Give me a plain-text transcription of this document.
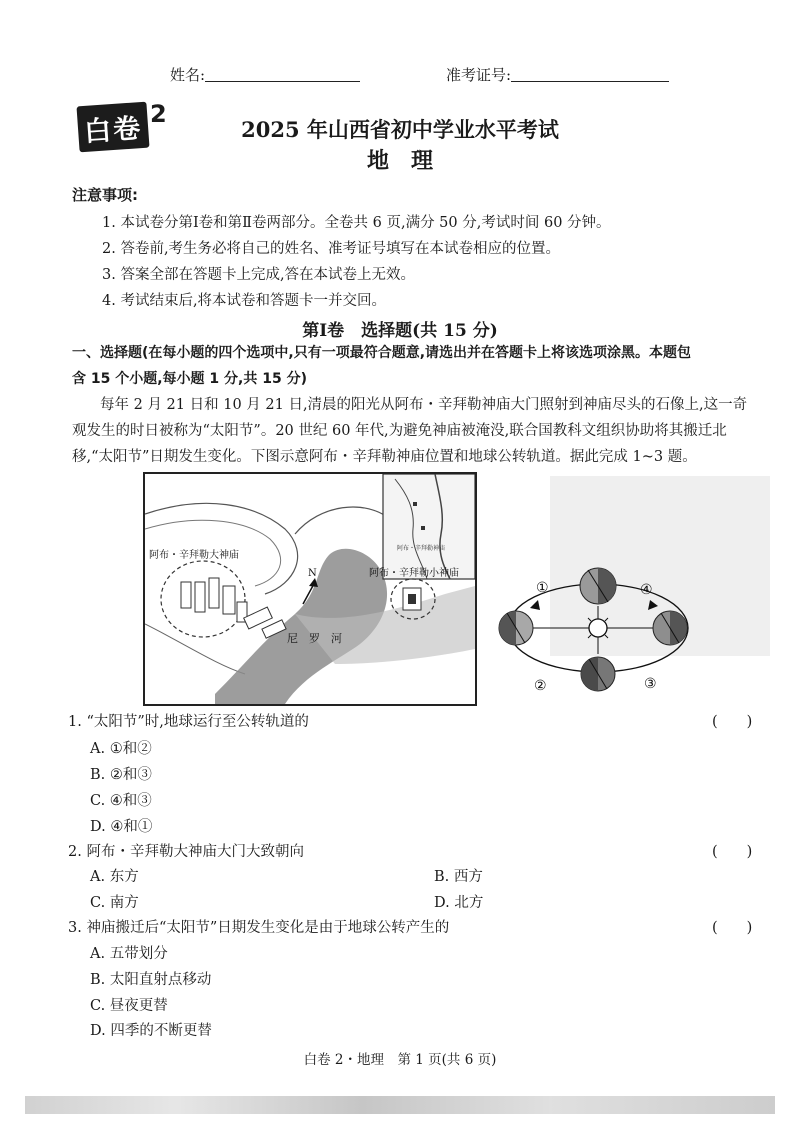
姓名:	准考证号:
白卷 2
2025 年山西省初中学业水平考试
地　理
注意事项:
1. 本试卷分第Ⅰ卷和第Ⅱ卷两部分。全卷共 6 页,满分 50 分,考试时间 60 分钟。
2. 答卷前,考生务必将自己的姓名、准考证号填写在本试卷相应的位置。
3. 答案全部在答题卡上完成,答在本试卷上无效。
4. 考试结束后,将本试卷和答题卡一并交回。
第Ⅰ卷　选择题(共 15 分)
一、选择题(在每小题的四个选项中,只有一项最符合题意,请选出并在答题卡上将该选项涂黑。本题包
含 15 个小题,每小题 1 分,共 15 分)
每年 2 月 21 日和 10 月 21 日,清晨的阳光从阿布・辛拜勒神庙大门照射到神庙尽头的石像上,这一奇
观发生的时日被称为“太阳节”。20 世纪 60 年代,为避免神庙被淹没,联合国教科文组织协助将其搬迁北
移,“太阳节”日期发生变化。下图示意阿布・辛拜勒神庙位置和地球公转轨道。据此完成 1~3 题。
N
阿布・辛拜勒大神庙
阿布・辛拜勒小神庙
阿布・辛拜勒神庙
尼　罗　河
①
②	③
④
1. “太阳节”时,地球运行至公转轨道的	(　　)
A. ①和②
B. ②和③
C. ④和③
D. ④和①
2. 阿布・辛拜勒大神庙大门大致朝向	(　　)
A. 东方	B. 西方
C. 南方	D. 北方
3. 神庙搬迁后“太阳节”日期发生变化是由于地球公转产生的	(　　)
A. 五带划分
B. 太阳直射点移动
C. 昼夜更替
D. 四季的不断更替
白卷 2・地理　第 1 页(共 6 页)
